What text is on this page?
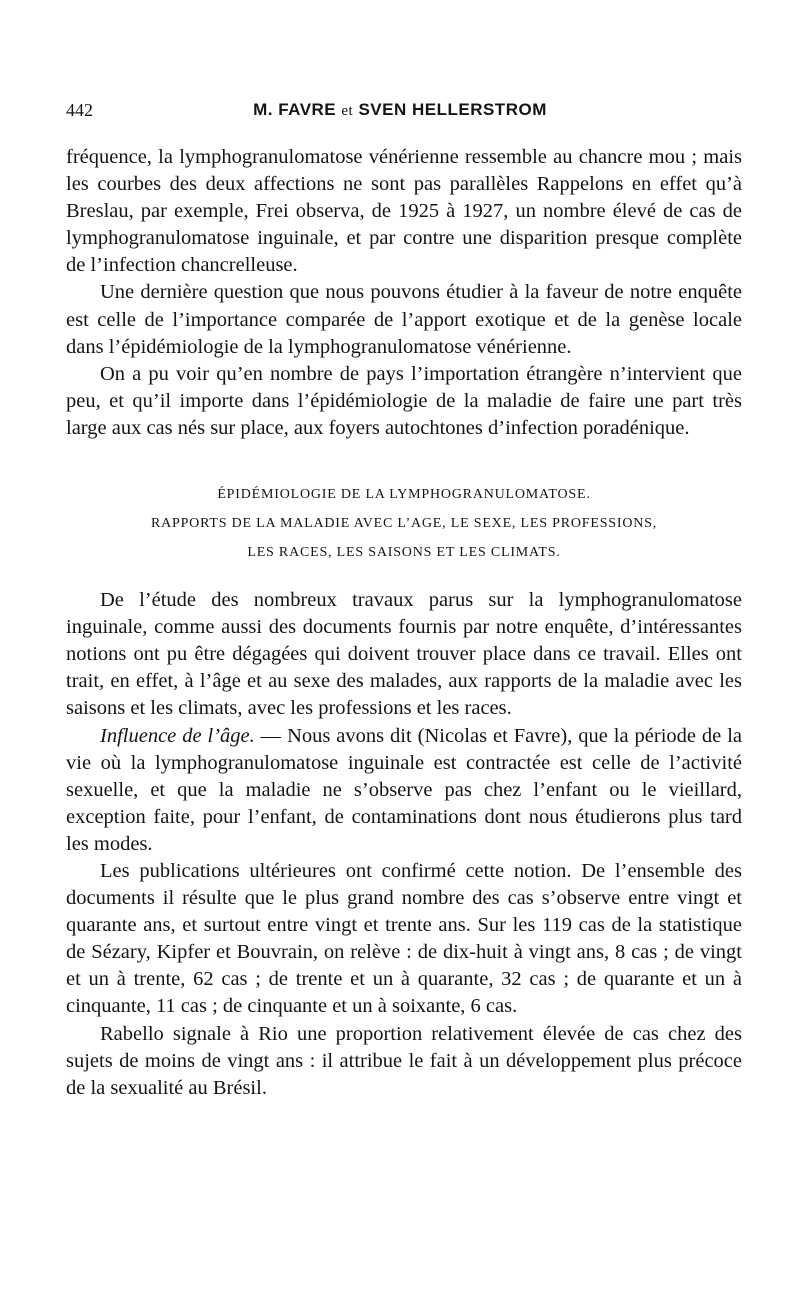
442	M. FAVRE et SVEN HELLERSTROM

fréquence, la lymphogranulomatose vénérienne ressemble au chancre mou ; mais les courbes des deux affections ne sont pas parallèles Rappelons en effet qu’à Breslau, par exemple, Frei observa, de 1925 à 1927, un nombre élevé de cas de lymphogranulomatose inguinale, et par contre une disparition presque complète de l’infection chancrelleuse.

Une dernière question que nous pouvons étudier à la faveur de notre enquête est celle de l’importance comparée de l’apport exotique et de la genèse locale dans l’épidémiologie de la lymphogranulomatose vénérienne.

On a pu voir qu’en nombre de pays l’importation étrangère n’intervient que peu, et qu’il importe dans l’épidémiologie de la maladie de faire une part très large aux cas nés sur place, aux foyers autochtones d’infection poradénique.

ÉPIDÉMIOLOGIE DE LA LYMPHOGRANULOMATOSE.
RAPPORTS DE LA MALADIE AVEC L’AGE, LE SEXE, LES PROFESSIONS,
LES RACES, LES SAISONS ET LES CLIMATS.

De l’étude des nombreux travaux parus sur la lymphogranulomatose inguinale, comme aussi des documents fournis par notre enquête, d’intéressantes notions ont pu être dégagées qui doivent trouver place dans ce travail. Elles ont trait, en effet, à l’âge et au sexe des malades, aux rapports de la maladie avec les saisons et les climats, avec les professions et les races.

Influence de l’âge. — Nous avons dit (Nicolas et Favre), que la période de la vie où la lymphogranulomatose inguinale est contractée est celle de l’activité sexuelle, et que la maladie ne s’observe pas chez l’enfant ou le vieillard, exception faite, pour l’enfant, de contaminations dont nous étudierons plus tard les modes.

Les publications ultérieures ont confirmé cette notion. De l’ensemble des documents il résulte que le plus grand nombre des cas s’observe entre vingt et quarante ans, et surtout entre vingt et trente ans. Sur les 119 cas de la statistique de Sézary, Kipfer et Bouvrain, on relève : de dix-huit à vingt ans, 8 cas ; de vingt et un à trente, 62 cas ; de trente et un à quarante, 32 cas ; de quarante et un à cinquante, 11 cas ; de cinquante et un à soixante, 6 cas.

Rabello signale à Rio une proportion relativement élevée de cas chez des sujets de moins de vingt ans : il attribue le fait à un développement plus précoce de la sexualité au Brésil.
